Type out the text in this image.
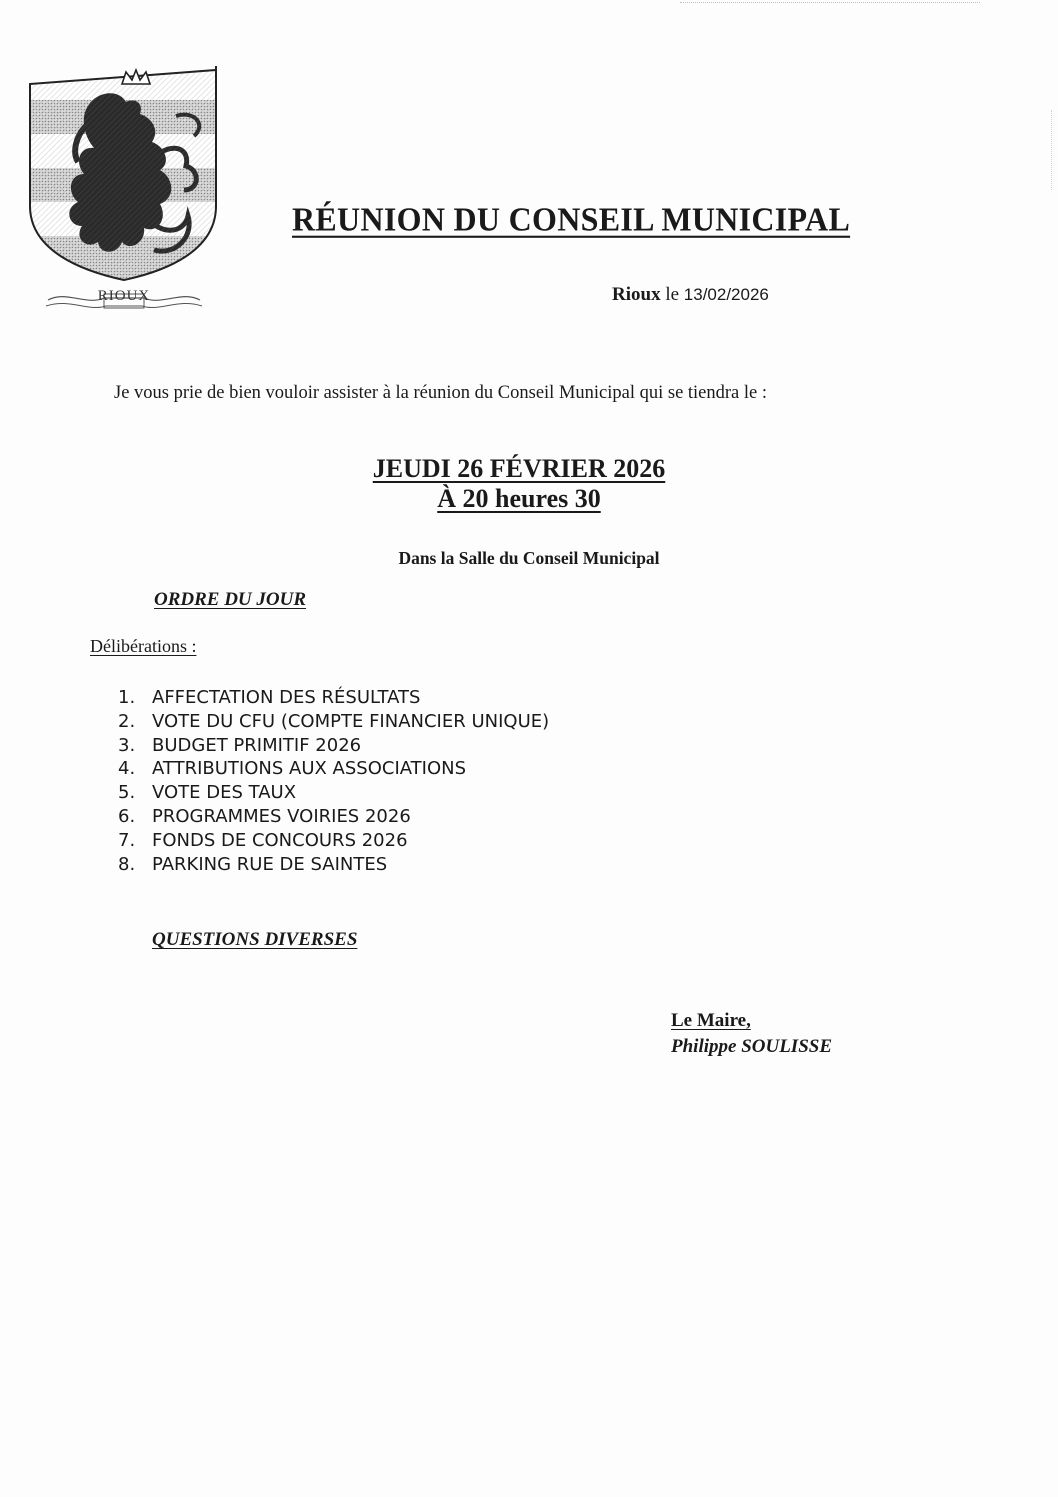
RIOUX
RÉUNION DU CONSEIL MUNICIPAL
Rioux le 13/02/2026
Je vous prie de bien vouloir assister à la réunion du Conseil Municipal qui se tiendra le :
JEUDI 26 FÉVRIER 2026
À 20 heures 30
Dans la Salle du Conseil Municipal
ORDRE DU JOUR
Délibérations :
1. AFFECTATION DES RÉSULTATS
2. VOTE DU CFU (COMPTE FINANCIER UNIQUE)
3. BUDGET PRIMITIF 2026
4. ATTRIBUTIONS AUX ASSOCIATIONS
5. VOTE DES TAUX
6. PROGRAMMES VOIRIES 2026
7. FONDS DE CONCOURS 2026
8. PARKING RUE DE SAINTES
QUESTIONS DIVERSES
Le Maire,
Philippe SOULISSE
